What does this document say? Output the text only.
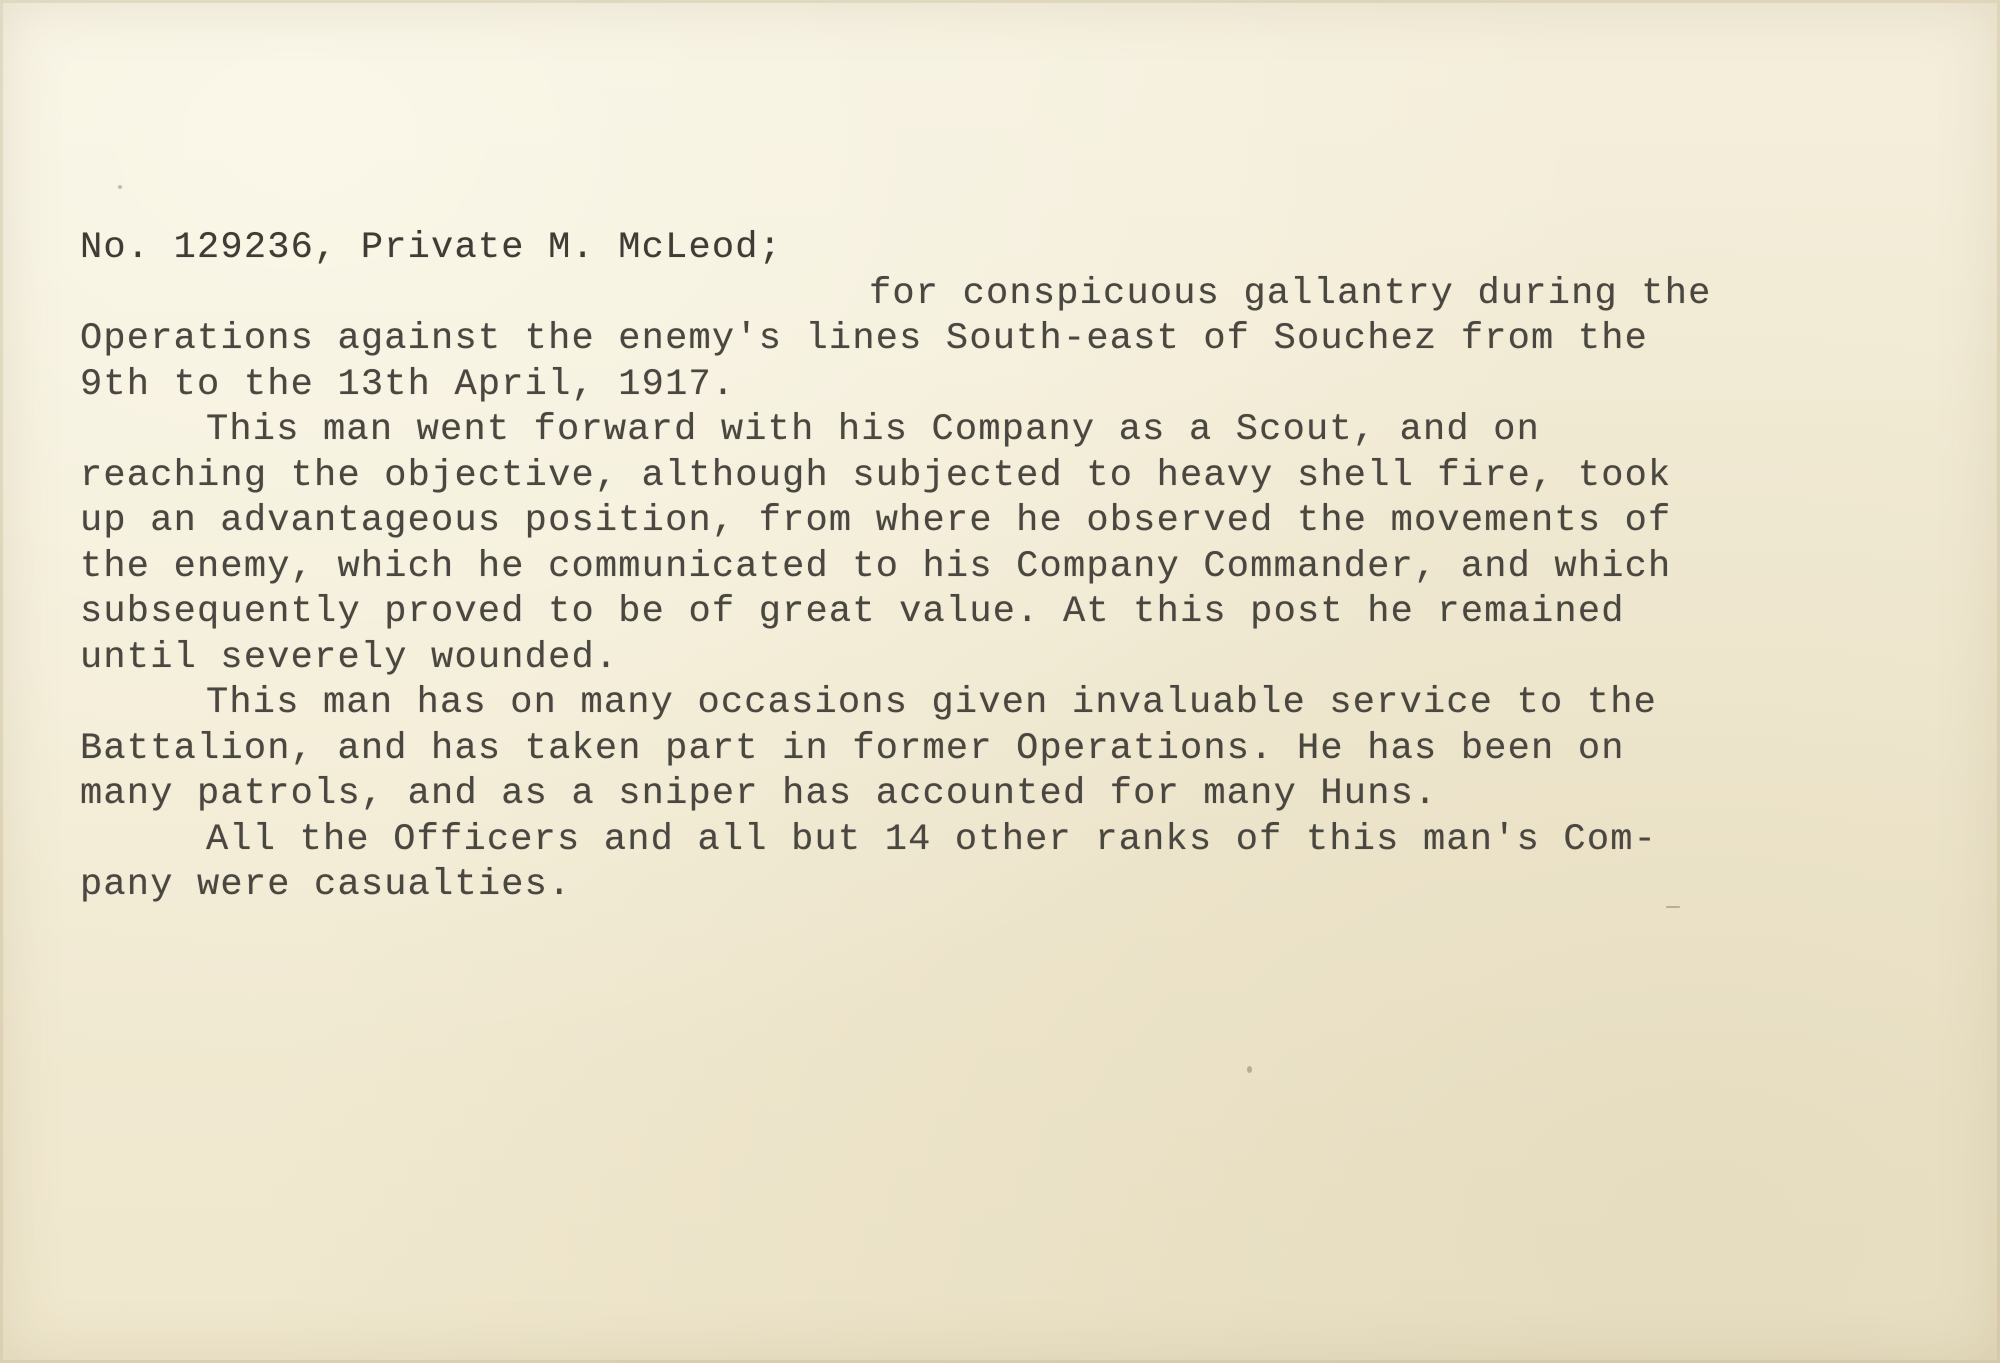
No. 129236, Private M. McLeod;
for conspicuous gallantry during the
Operations against the enemy's lines South-east of Souchez from the
9th to the 13th April, 1917.
This man went forward with his Company as a Scout, and on
reaching the objective, although subjected to heavy shell fire, took
up an advantageous position, from where he observed the movements of
the enemy, which he communicated to his Company Commander, and which
subsequently proved to be of great value. At this post he remained
until severely wounded.
This man has on many occasions given invaluable service to the
Battalion, and has taken part in former Operations. He has been on
many patrols, and as a sniper has accounted for many Huns.
All the Officers and all but 14 other ranks of this man's Com-
pany were casualties.
